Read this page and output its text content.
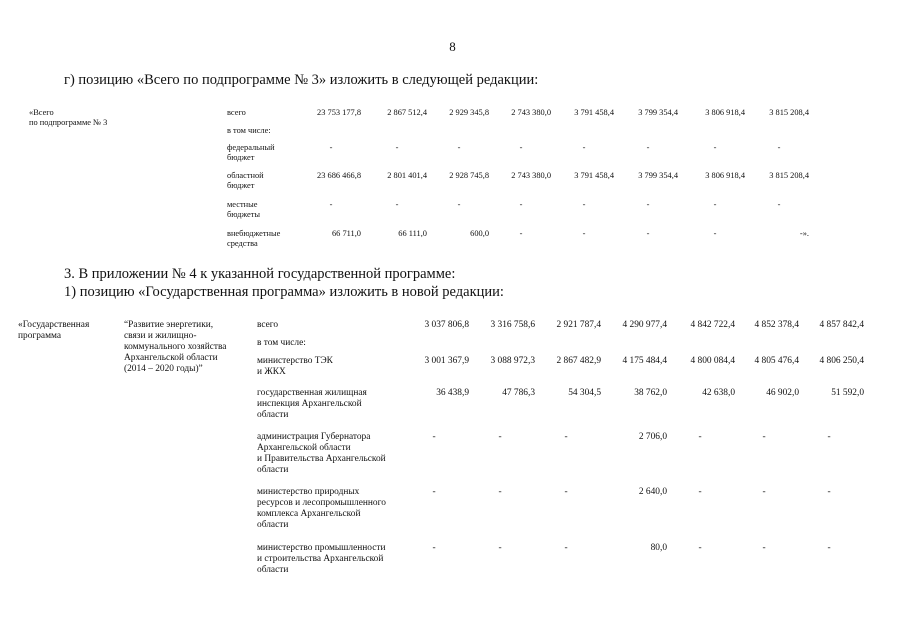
8
г) позицию «Всего по подпрограмме № 3» изложить в следующей редакции:
«Всего
по подпрограмме № 3
всего	23 753 177,8	2 867 512,4	2 929 345,8	2 743 380,0	3 791 458,4	3 799 354,4	3 806 918,4	3 815 208,4
в том числе:
федеральный
бюджет
-	-	-	-	-	-	-	-
областной
бюджет
23 686 466,8	2 801 401,4	2 928 745,8	2 743 380,0	3 791 458,4	3 799 354,4	3 806 918,4	3 815 208,4
местные
бюджеты
-	-	-	-	-	-	-	-
внебюджетные
средства
66 711,0	66 111,0	600,0	-	-	-	-	-».
3. В приложении № 4 к указанной государственной программе:
1) позицию «Государственная программа» изложить в новой редакции:
«Государственная
программа
“Развитие энергетики,
связи и жилищно-
коммунального хозяйства
Архангельской области
(2014 – 2020 годы)”
всего	3 037 806,8	3 316 758,6	2 921 787,4	4 290 977,4	4 842 722,4	4 852 378,4	4 857 842,4
в том числе:
министерство ТЭК
и ЖКХ
3 001 367,9	3 088 972,3	2 867 482,9	4 175 484,4	4 800 084,4	4 805 476,4	4 806 250,4
государственная жилищная
инспекция Архангельской
области
36 438,9	47 786,3	54 304,5	38 762,0	42 638,0	46 902,0	51 592,0
администрация Губернатора
Архангельской области
и Правительства Архангельской
области
-	-	-	2 706,0	-	-	-
министерство природных
ресурсов и лесопромышленного
комплекса Архангельской
области
-	-	-	2 640,0	-	-	-
министерство промышленности
и строительства Архангельской
области
-	-	-	80,0	-	-	-
